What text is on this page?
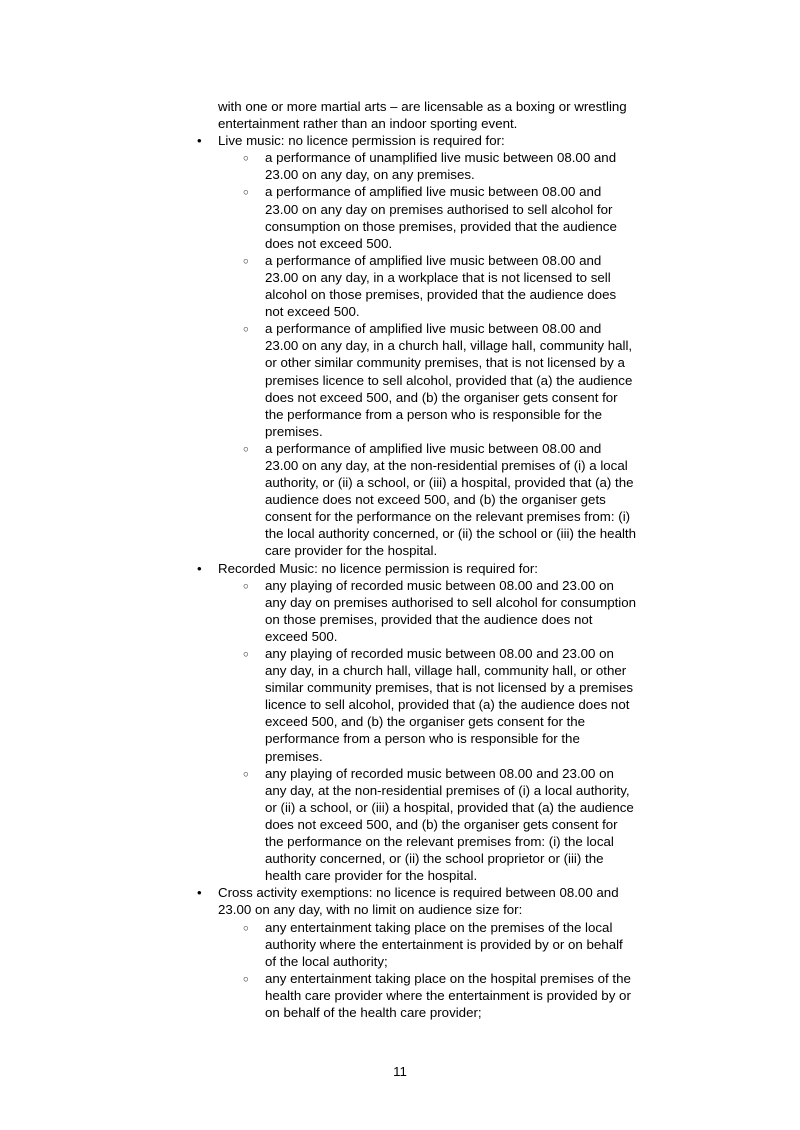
with one or more martial arts – are licensable as a boxing or wrestling
entertainment rather than an indoor sporting event.
• Live music: no licence permission is required for:
○ a performance of unamplified live music between 08.00 and
23.00 on any day, on any premises.
○ a performance of amplified live music between 08.00 and
23.00 on any day on premises authorised to sell alcohol for
consumption on those premises, provided that the audience
does not exceed 500.
○ a performance of amplified live music between 08.00 and
23.00 on any day, in a workplace that is not licensed to sell
alcohol on those premises, provided that the audience does
not exceed 500.
○ a performance of amplified live music between 08.00 and
23.00 on any day, in a church hall, village hall, community hall,
or other similar community premises, that is not licensed by a
premises licence to sell alcohol, provided that (a) the audience
does not exceed 500, and (b) the organiser gets consent for
the performance from a person who is responsible for the
premises.
○ a performance of amplified live music between 08.00 and
23.00 on any day, at the non-residential premises of (i) a local
authority, or (ii) a school, or (iii) a hospital, provided that (a) the
audience does not exceed 500, and (b) the organiser gets
consent for the performance on the relevant premises from: (i)
the local authority concerned, or (ii) the school or (iii) the health
care provider for the hospital.
• Recorded Music: no licence permission is required for:
○ any playing of recorded music between 08.00 and 23.00 on
any day on premises authorised to sell alcohol for consumption
on those premises, provided that the audience does not
exceed 500.
○ any playing of recorded music between 08.00 and 23.00 on
any day, in a church hall, village hall, community hall, or other
similar community premises, that is not licensed by a premises
licence to sell alcohol, provided that (a) the audience does not
exceed 500, and (b) the organiser gets consent for the
performance from a person who is responsible for the
premises.
○ any playing of recorded music between 08.00 and 23.00 on
any day, at the non-residential premises of (i) a local authority,
or (ii) a school, or (iii) a hospital, provided that (a) the audience
does not exceed 500, and (b) the organiser gets consent for
the performance on the relevant premises from: (i) the local
authority concerned, or (ii) the school proprietor or (iii) the
health care provider for the hospital.
• Cross activity exemptions: no licence is required between 08.00 and
23.00 on any day, with no limit on audience size for:
○ any entertainment taking place on the premises of the local
authority where the entertainment is provided by or on behalf
of the local authority;
○ any entertainment taking place on the hospital premises of the
health care provider where the entertainment is provided by or
on behalf of the health care provider;
11
